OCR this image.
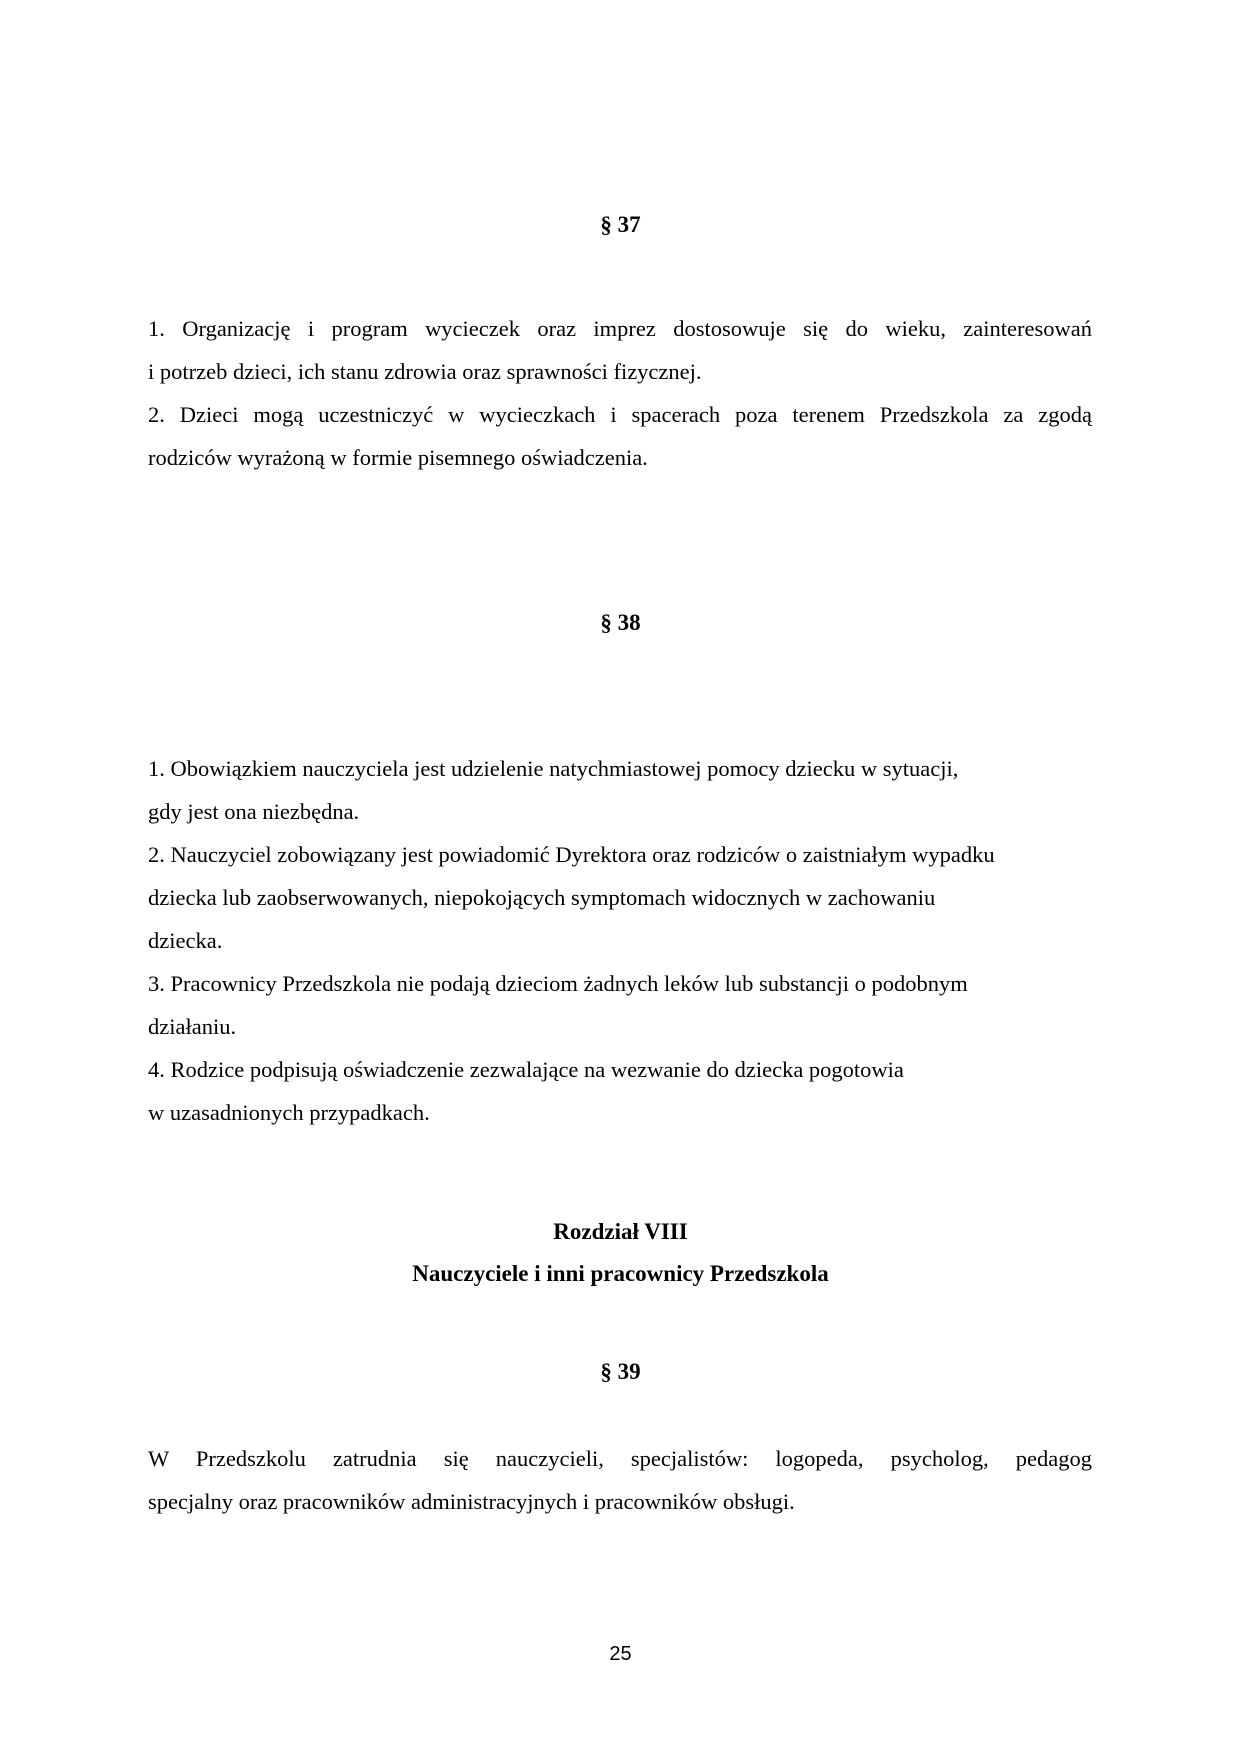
§ 37

1. Organizację i program wycieczek oraz imprez dostosowuje się do wieku, zainteresowań
i potrzeb dzieci, ich stanu zdrowia oraz sprawności fizycznej.

2. Dzieci mogą uczestniczyć w wycieczkach i spacerach poza terenem Przedszkola za zgodą
rodziców wyrażoną w formie pisemnego oświadczenia.

§ 38

1. Obowiązkiem nauczyciela jest udzielenie natychmiastowej pomocy dziecku w sytuacji,
gdy jest ona niezbędna.

2. Nauczyciel zobowiązany jest powiadomić Dyrektora oraz rodziców o zaistniałym wypadku
dziecka lub zaobserwowanych, niepokojących symptomach widocznych w zachowaniu
dziecka.

3. Pracownicy Przedszkola nie podają dzieciom żadnych leków lub substancji o podobnym
działaniu.

4. Rodzice podpisują oświadczenie zezwalające na wezwanie do dziecka pogotowia
w uzasadnionych przypadkach.

Rozdział VIII
Nauczyciele i inni pracownicy Przedszkola
§ 39

W Przedszkolu zatrudnia się nauczycieli, specjalistów: logopeda, psycholog, pedagog
specjalny oraz pracowników administracyjnych i pracowników obsługi.

25
